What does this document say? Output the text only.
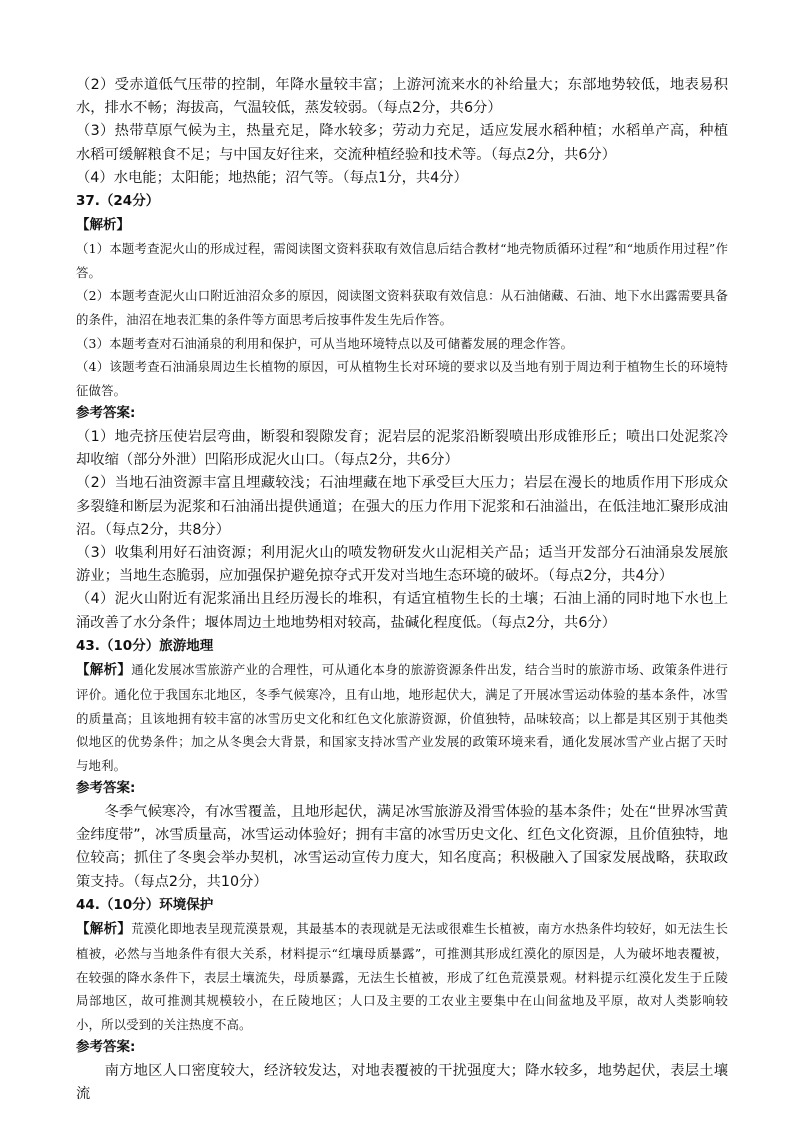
（2）受赤道低气压带的控制，年降水量较丰富；上游河流来水的补给量大；东部地势较低，地表易积水，排水不畅；海拔高，气温较低，蒸发较弱。（每点2分，共6分）

（3）热带草原气候为主，热量充足，降水较多；劳动力充足，适应发展水稻种植；水稻单产高，种植水稻可缓解粮食不足；与中国友好往来，交流种植经验和技术等。（每点2分，共6分）

（4）水电能；太阳能；地热能；沼气等。（每点1分，共4分）

37.（24分）

【解析】

（1）本题考查泥火山的形成过程，需阅读图文资料获取有效信息后结合教材“地壳物质循环过程”和“地质作用过程”作答。

（2）本题考查泥火山口附近油沼众多的原因，阅读图文资料获取有效信息：从石油储藏、石油、地下水出露需要具备的条件，油沼在地表汇集的条件等方面思考后按事件发生先后作答。

（3）本题考查对石油涌泉的利用和保护，可从当地环境特点以及可储蓄发展的理念作答。

（4）该题考查石油涌泉周边生长植物的原因，可从植物生长对环境的要求以及当地有别于周边利于植物生长的环境特征做答。

参考答案:

（1）地壳挤压使岩层弯曲，断裂和裂隙发育；泥岩层的泥浆沿断裂喷出形成锥形丘；喷出口处泥浆冷却收缩（部分外泄）凹陷形成泥火山口。（每点2分，共6分）

（2）当地石油资源丰富且埋藏较浅；石油埋藏在地下承受巨大压力；岩层在漫长的地质作用下形成众多裂缝和断层为泥浆和石油涌出提供通道；在强大的压力作用下泥浆和石油溢出，在低洼地汇聚形成油沼。（每点2分，共8分）

（3）收集利用好石油资源；利用泥火山的喷发物研发火山泥相关产品；适当开发部分石油涌泉发展旅游业；当地生态脆弱，应加强保护避免掠夺式开发对当地生态环境的破坏。（每点2分，共4分）

（4）泥火山附近有泥浆涌出且经历漫长的堆积，有适宜植物生长的土壤；石油上涌的同时地下水也上涌改善了水分条件；堰体周边土地地势相对较高，盐碱化程度低。（每点2分，共6分）

43.（10分）旅游地理

【解析】通化发展冰雪旅游产业的合理性，可从通化本身的旅游资源条件出发，结合当时的旅游市场、政策条件进行评价。通化位于我国东北地区，冬季气候寒冷，且有山地，地形起伏大，满足了开展冰雪运动体验的基本条件，冰雪的质量高；且该地拥有较丰富的冰雪历史文化和红色文化旅游资源，价值独特，品味较高；以上都是其区别于其他类似地区的优势条件；加之从冬奥会大背景，和国家支持冰雪产业发展的政策环境来看，通化发展冰雪产业占据了天时与地利。

参考答案:

冬季气候寒冷，有冰雪覆盖，且地形起伏，满足冰雪旅游及滑雪体验的基本条件；处在“世界冰雪黄金纬度带”，冰雪质量高，冰雪运动体验好；拥有丰富的冰雪历史文化、红色文化资源，且价值独特，地位较高；抓住了冬奥会举办契机，冰雪运动宣传力度大，知名度高；积极融入了国家发展战略，获取政策支持。（每点2分，共10分）

44.（10分）环境保护

【解析】荒漠化即地表呈现荒漠景观，其最基本的表现就是无法或很难生长植被，南方水热条件均较好，如无法生长植被，必然与当地条件有很大关系，材料提示“红壤母质暴露”，可推测其形成红漠化的原因是，人为破坏地表覆被，在较强的降水条件下，表层土壤流失，母质暴露，无法生长植被，形成了红色荒漠景观。材料提示红漠化发生于丘陵局部地区，故可推测其规模较小，在丘陵地区；人口及主要的工农业主要集中在山间盆地及平原，故对人类影响较小，所以受到的关注热度不高。

参考答案:

南方地区人口密度较大，经济较发达，对地表覆被的干扰强度大；降水较多，地势起伏，表层土壤流
